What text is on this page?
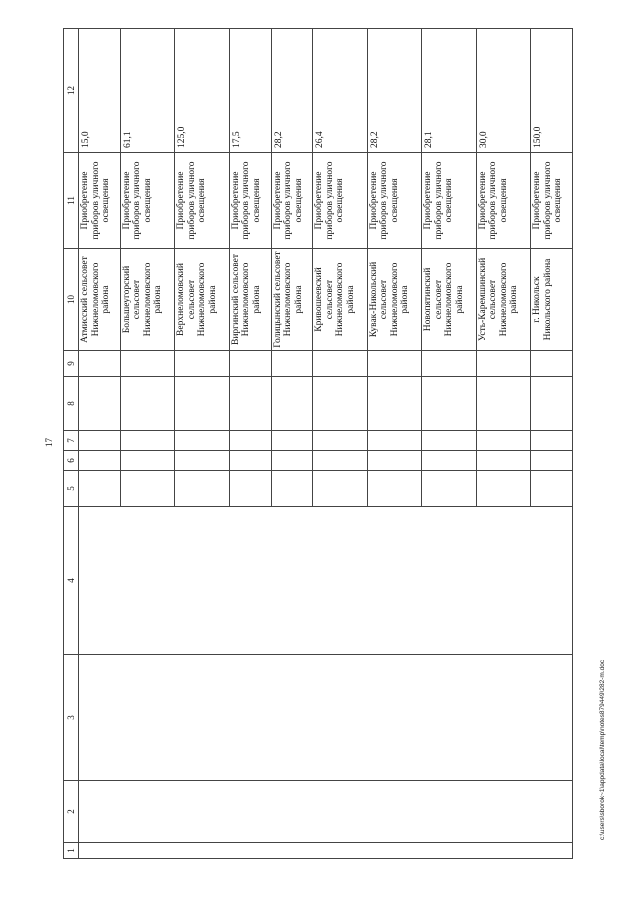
17
1	2	3	4	5	6	7	8	9	10	11	12
									Атмисский сельсовет Нижнеломовского района	Приобретение приборов уличного освещения	15,0
									Большеугорский сельсовет Нижнеломовского района	Приобретение приборов уличного освещения	61,1
									Верхнеломовский сельсовет Нижнеломовского района	Приобретение приборов уличного освещения	125,0
									Виргинский сельсовет Нижнеломовского района	Приобретение приборов уличного освещения	17,5
									Голицынский сельсовет Нижнеломовского района	Приобретение приборов уличного освещения	28,2
									Кривошеевский сельсовет Нижнеломовского района	Приобретение приборов уличного освещения	26,4
									Кувак-Никольский сельсовет Нижнеломовского района	Приобретение приборов уличного освещения	28,2
									Новопятинский сельсовет Нижнеломовского района	Приобретение приборов уличного освещения	28,1
									Усть-Каремшинский сельсовет Нижнеломовского района	Приобретение приборов уличного освещения	30,0
									г. Никольск Никольского района	Приобретение приборов уличного освещения	150,0
c:\users\sborok~1\appdata\local\temp\notes879449\282-m.doc
